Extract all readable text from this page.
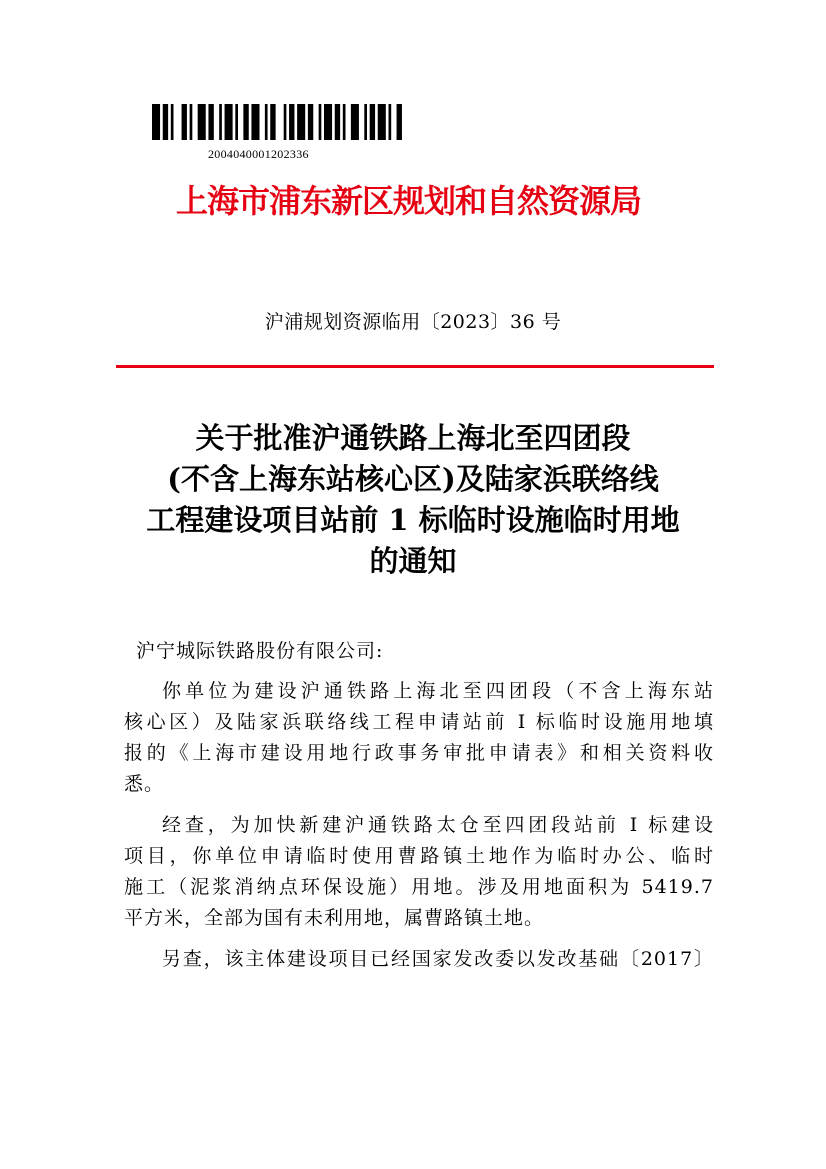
2004040001202336
上海市浦东新区规划和自然资源局
沪浦规划资源临用〔2023〕36 号
关于批准沪通铁路上海北至四团段
(不含上海东站核心区)及陆家浜联络线
工程建设项目站前 1 标临时设施临时用地
的通知
沪宁城际铁路股份有限公司:
你单位为建设沪通铁路上海北至四团段（不含上海东站
核心区）及陆家浜联络线工程申请站前 I 标临时设施用地填
报的《上海市建设用地行政事务审批申请表》和相关资料收
悉。
经查，为加快新建沪通铁路太仓至四团段站前 I 标建设
项目，你单位申请临时使用曹路镇土地作为临时办公、临时
施工（泥浆消纳点环保设施）用地。涉及用地面积为 5419.7
平方米，全部为国有未利用地，属曹路镇土地。
另查，该主体建设项目已经国家发改委以发改基础〔2017〕
